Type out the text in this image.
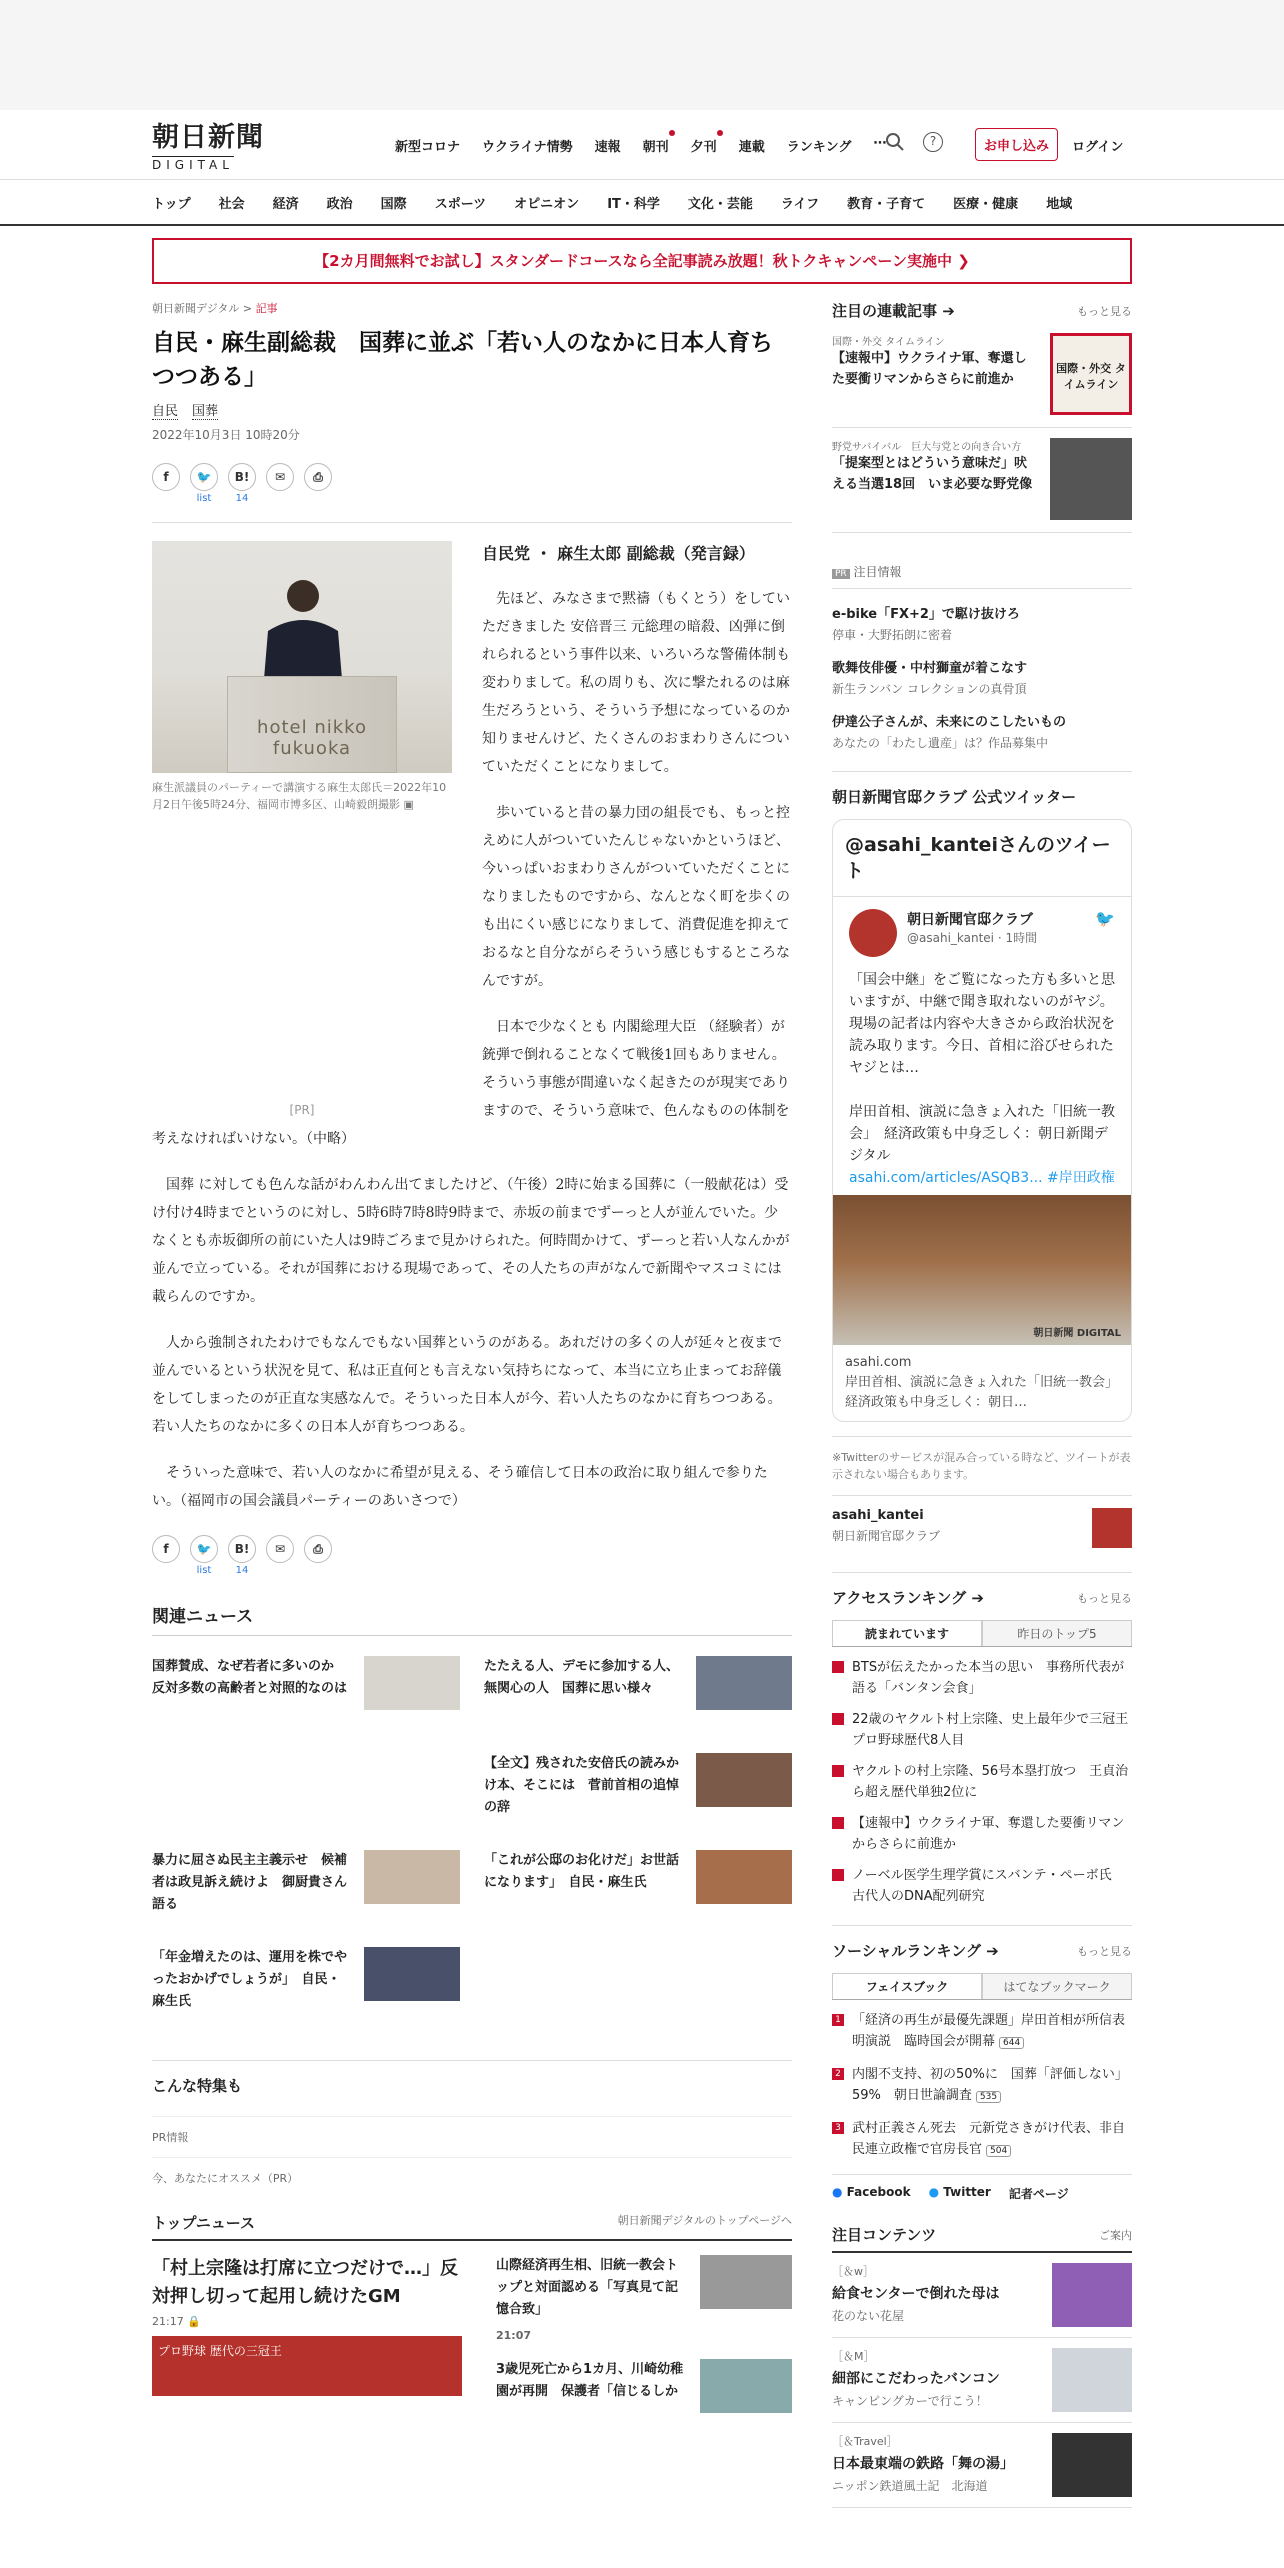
朝日新聞
DIGITAL
新型コロナ ウクライナ情勢 速報 朝刊 夕刊 連載 ランキング ⋯	?	お申し込み	ログイン
トップ 社会 経済 政治 国際 スポーツ オピニオン IT・科学 文化・芸能 ライフ 教育・子育て 医療・健康 地域
【2カ月間無料でお試し】スタンダードコースなら全記事読み放題！秋トクキャンペーン実施中 ❯
朝日新聞デジタル > 記事
自民・麻生副総裁　国葬に並ぶ「若い人のなかに日本人育ちつつある」
自民 国葬
2022年10月3日 10時20分
f	🐦
list
B!
14
✉	⎙
hotel nikko fukuoka
麻生派議員のパーティーで講演する麻生太郎氏＝2022年10月2日午後5時24分、福岡市博多区、山崎毅朗撮影 ▣
[PR]

自民党 ・ 麻生太郎 副総裁（発言録）

先ほど、みなさまで黙禱（もくとう）をしていただきました 安倍晋三 元総理の暗殺、凶弾に倒れられるという事件以来、いろいろな警備体制も変わりまして。私の周りも、次に撃たれるのは麻生だろうという、そういう予想になっているのか知りませんけど、たくさんのおまわりさんについていただくことになりまして。

歩いていると昔の暴力団の組長でも、もっと控えめに人がついていたんじゃないかというほど、今いっぱいおまわりさんがついていただくことになりましたものですから、なんとなく町を歩くのも出にくい感じになりまして、消費促進を抑えておるなと自分ながらそういう感じもするところなんですが。

日本で少なくとも 内閣総理大臣 （経験者）が銃弾で倒れることなくて戦後1回もありません。そういう事態が間違いなく起きたのが現実でありますので、そういう意味で、色んなものの体制を考えなければいけない。（中略）

国葬 に対しても色んな話がわんわん出てましたけど、（午後）2時に始まる国葬に（一般献花は）受け付け4時までというのに対し、5時6時7時8時9時まで、赤坂の前までずーっと人が並んでいた。少なくとも赤坂御所の前にいた人は9時ごろまで見かけられた。何時間かけて、ずーっと若い人なんかが並んで立っている。それが国葬における現場であって、その人たちの声がなんで新聞やマスコミには載らんのですか。

人から強制されたわけでもなんでもない国葬というのがある。あれだけの多くの人が延々と夜まで並んでいるという状況を見て、私は正直何とも言えない気持ちになって、本当に立ち止まってお辞儀をしてしまったのが正直な実感なんで。そういった日本人が今、若い人たちのなかに育ちつつある。若い人たちのなかに多くの日本人が育ちつつある。

そういった意味で、若い人のなかに希望が見える、そう確信して日本の政治に取り組んで参りたい。（福岡市の国会議員パーティーのあいさつで）

f	🐦
list
B!
14
✉	⎙
関連ニュース
国葬賛成、なぜ若者に多いのか　反対多数の高齢者と対照的なのは
たたえる人、デモに参加する人、無関心の人　国葬に思い様々
【全文】残された安倍氏の読みかけ本、そこには　菅前首相の追悼の辞
暴力に屈さぬ民主主義示せ　候補者は政見訴え続けよ　御厨貴さん語る
「これが公邸のお化けだ」お世話になります」　自民・麻生氏
「年金増えたのは、運用を株でやったおかげでしょうが」　自民・麻生氏
こんな特集も
PR情報
今、あなたにオススメ（PR）
トップニュース	朝日新聞デジタルのトップページへ
「村上宗隆は打席に立つだけで…」反対押し切って起用し続けたGM
21:17 🔒
プロ野球 歴代の三冠王
山際経済再生相、旧統一教会トップと対面認める「写真見て記憶合致」
21:07
3歳児死亡から1カ月、川崎幼稚園が再開　保護者「信じるしか
注目の連載記事 ➔	もっと見る
国際・外交 タイムライン
【速報中】ウクライナ軍、奪還した要衝リマンからさらに前進か
国際・外交 タイムライン
野党サバイバル　巨大与党との向き合い方
「提案型とはどういう意味だ」吠える当選18回　いま必要な野党像
PR 注目情報
e-bike「FX+2」で駆け抜けろ
停車・大野拓朗に密着
歌舞伎俳優・中村獅童が着こなす
新生ランバン コレクションの真骨頂
伊達公子さんが、未来にのこしたいもの
あなたの「わたし遺産」は？作品募集中
朝日新聞官邸クラブ 公式ツイッター
@asahi_kanteiさんのツイート
朝日新聞官邸クラブ
@asahi_kantei · 1時間
🐦
「国会中継」をご覧になった方も多いと思いますが、中継で聞き取れないのがヤジ。現場の記者は内容や大きさから政治状況を読み取ります。今日、首相に浴びせられたヤジとは…

岸田首相、演説に急きょ入れた「旧統一教会」　経済政策も中身乏しく：朝日新聞デジタル
asahi.com/articles/ASQB3... #岸田政権
朝日新聞 DIGITAL
asahi.com
岸田首相、演説に急きょ入れた「旧統一教会」　経済政策も中身乏しく：朝日…
※Twitterのサービスが混み合っている時など、ツイートが表示されない場合もあります。
asahi_kantei
朝日新聞官邸クラブ
アクセスランキング ➔	もっと見る
読まれています	昨日のトップ5
BTSが伝えたかった本当の思い　事務所代表が語る「バンタン会食」
22歳のヤクルト村上宗隆、史上最年少で三冠王　プロ野球歴代8人目
ヤクルトの村上宗隆、56号本塁打放つ　王貞治ら超え歴代単独2位に
【速報中】ウクライナ軍、奪還した要衝リマンからさらに前進か
ノーベル医学生理学賞にスバンテ・ペーボ氏　古代人のDNA配列研究
ソーシャルランキング ➔	もっと見る
フェイスブック	はてなブックマーク
1 「経済の再生が最優先課題」岸田首相が所信表明演説　臨時国会が開幕 644
2 内閣不支持、初の50%に　国葬「評価しない」59%　朝日世論調査 535
3 武村正義さん死去　元新党さきがけ代表、非自民連立政権で官房長官 504
● Facebook ● Twitter 記者ページ
注目コンテンツ	ご案内
［＆w］
給食センターで倒れた母は
花のない花屋
［＆M］
細部にこだわったバンコン
キャンピングカーで行こう！
［＆Travel］
日本最東端の鉄路「舞の湯」
ニッポン鉄道風土記　北海道
